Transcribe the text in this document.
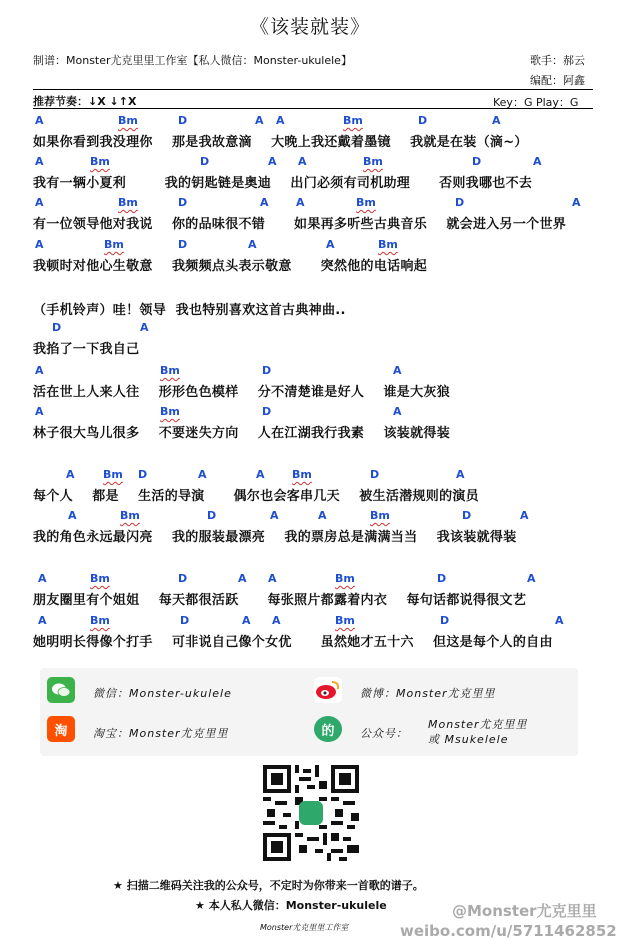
《该装就装》
制谱：Monster尤克里里工作室【私人微信：Monster-ukulele】	歌手：郝云
编配：阿鑫
推荐节奏：↓X ↓↑X	Key：G Play：G
A	Bm	D	A A	Bm	D	A
如果你看到我没理你    那是我故意滴    大晚上我还戴着墨镜    我就是在装（滴~）
A	Bm	D	A A	Bm	D	A
我有一辆小夏利        我的钥匙链是奥迪    出门必须有司机助理      否则我哪也不去
A	Bm	D	A A	Bm	D	A
有一位领导他对我说    你的品味很不错      如果再多听些古典音乐    就会进入另一个世界
A	Bm	D	A	A	Bm
我顿时对他心生敬意    我频频点头表示敬意      突然他的电话响起
（手机铃声）哇！领导  我也特别喜欢这首古典神曲..
D	A
我掐了一下我自己
A	Bm	D	A
活在世上人来人往    形形色色模样    分不清楚谁是好人    谁是大灰狼
A	Bm	D	A
林子很大鸟儿很多    不要迷失方向    人在江湖我行我素    该装就得装
A	Bm D	A	A Bm	D	A
每个人    都是    生活的导演      偶尔也会客串几天    被生活潜规则的演员
A	Bm	D	A	A	Bm	D	A
我的角色永远最闪亮    我的服装最漂亮    我的票房总是满满当当    我该装就得装
A	Bm	D	A A	Bm	D	A
朋友圈里有个姐姐    每天都很活跃      每张照片都露着内衣    每句话都说得很文艺
A	Bm	D	A A	Bm	D	A
她明明长得像个打手    可非说自己像个女优      虽然她才五十六    但这是每个人的自由
微信：Monster-ukulele	微博：Monster尤克里里
淘	淘宝：Monster尤克里里	的	公众号：
Monster尤克里里
或 Msukelele
★ 扫描二维码关注我的公众号，不定时为你带来一首歌的谱子。
★ 本人私人微信：Monster-ukulele
Monster尤克里里工作室
@Monster尤克里里
weibo.com/u/5711462852
